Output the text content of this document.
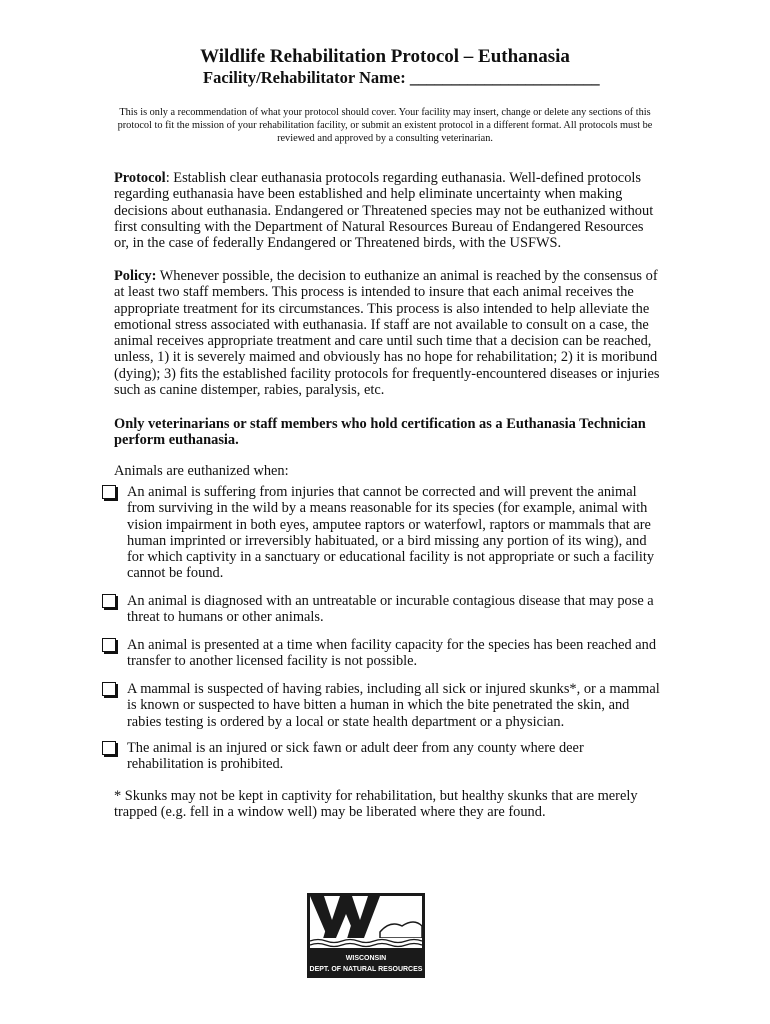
Wildlife Rehabilitation Protocol – Euthanasia
Facility/Rehabilitator Name: _______________________
This is only a recommendation of what your protocol should cover. Your facility may insert, change or delete any sections of this protocol to fit the mission of your rehabilitation facility, or submit an existent protocol in a different format. All protocols must be reviewed and approved by a consulting veterinarian.
Protocol: Establish clear euthanasia protocols regarding euthanasia. Well-defined protocols regarding euthanasia have been established and help eliminate uncertainty when making decisions about euthanasia. Endangered or Threatened species may not be euthanized without first consulting with the Department of Natural Resources Bureau of Endangered Resources or, in the case of federally Endangered or Threatened birds, with the USFWS.
Policy: Whenever possible, the decision to euthanize an animal is reached by the consensus of at least two staff members. This process is intended to insure that each animal receives the appropriate treatment for its circumstances. This process is also intended to help alleviate the emotional stress associated with euthanasia. If staff are not available to consult on a case, the animal receives appropriate treatment and care until such time that a decision can be reached, unless, 1) it is severely maimed and obviously has no hope for rehabilitation; 2) it is moribund (dying); 3) fits the established facility protocols for frequently-encountered diseases or injuries such as canine distemper, rabies, paralysis, etc.
Only veterinarians or staff members who hold certification as a Euthanasia Technician perform euthanasia.
Animals are euthanized when:
An animal is suffering from injuries that cannot be corrected and will prevent the animal from surviving in the wild by a means reasonable for its species (for example, animal with vision impairment in both eyes, amputee raptors or waterfowl, raptors or mammals that are human imprinted or irreversibly habituated, or a bird missing any portion of its wing), and for which captivity in a sanctuary or educational facility is not appropriate or such a facility cannot be found.
An animal is diagnosed with an untreatable or incurable contagious disease that may pose a threat to humans or other animals.
An animal is presented at a time when facility capacity for the species has been reached and transfer to another licensed facility is not possible.
A mammal is suspected of having rabies, including all sick or injured skunks*, or a mammal is known or suspected to have bitten a human in which the bite penetrated the skin, and rabies testing is ordered by a local or state health department or a physician.
The animal is an injured or sick fawn or adult deer from any county where deer rehabilitation is prohibited.
* Skunks may not be kept in captivity for rehabilitation, but healthy skunks that are merely trapped (e.g. fell in a window well) may be liberated where they are found.
WISCONSIN
DEPT. OF NATURAL RESOURCES
